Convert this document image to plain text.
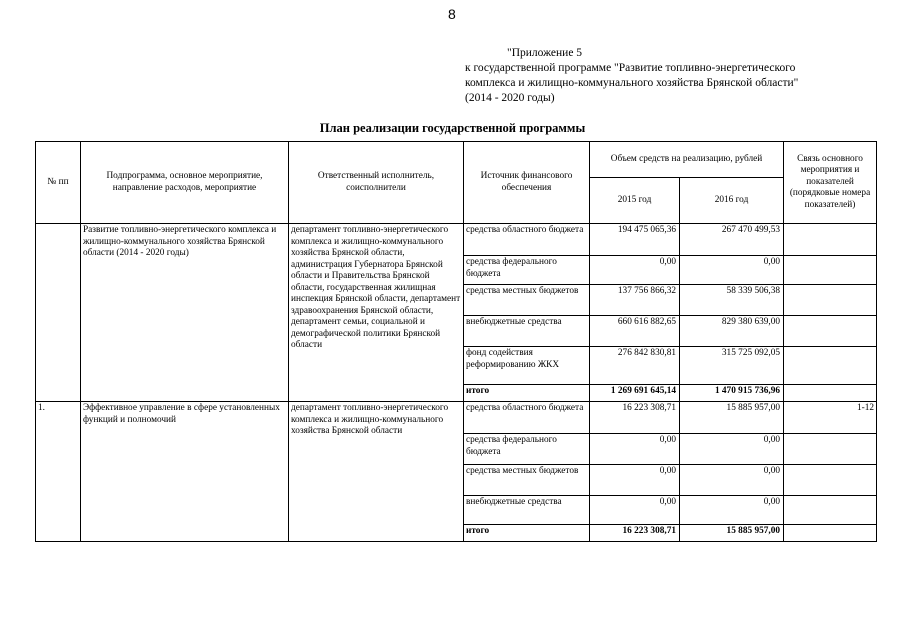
8
"Приложение 5
к государственной программе "Развитие топливно-энергетического
комплекса и жилищно-коммунального хозяйства Брянской области"
(2014 - 2020 годы)
План реализации государственной программы
№ пп	Подпрограмма, основное мероприятие, направление расходов, мероприятие	Ответственный исполнитель, соисполнители	Источник финансового обеспечения	Объем средств на реализацию, рублей		Связь основного мероприятия и показателей (порядковые номера показателей)
				2015 год	2016 год	
	Развитие топливно-энергетического комплекса и жилищно-коммунального хозяйства Брянской области (2014 - 2020 годы)	департамент топливно-энергетического комплекса и жилищно-коммунального хозяйства Брянской области, администрация Губернатора Брянской области и Правительства Брянской области, государственная жилищная инспекция Брянской области, департамент здравоохранения Брянской области, департамент семьи, социальной и демографической политики Брянской области	средства областного бюджета	194 475 065,36	267 470 499,53	
			средства федерального бюджета	0,00	0,00	
			средства местных бюджетов	137 756 866,32	58 339 506,38	
			внебюджетные средства	660 616 882,65	829 380 639,00	
			фонд содействия реформированию ЖКХ	276 842 830,81	315 725 092,05	
			итого	1 269 691 645,14	1 470 915 736,96	
1.	Эффективное управление в сфере установленных функций и полномочий	департамент топливно-энергетического комплекса и жилищно-коммунального хозяйства Брянской области	средства областного бюджета	16 223 308,71	15 885 957,00	1-12
			средства федерального бюджета	0,00	0,00	
			средства местных бюджетов	0,00	0,00	
			внебюджетные средства	0,00	0,00	
			итого	16 223 308,71	15 885 957,00	
